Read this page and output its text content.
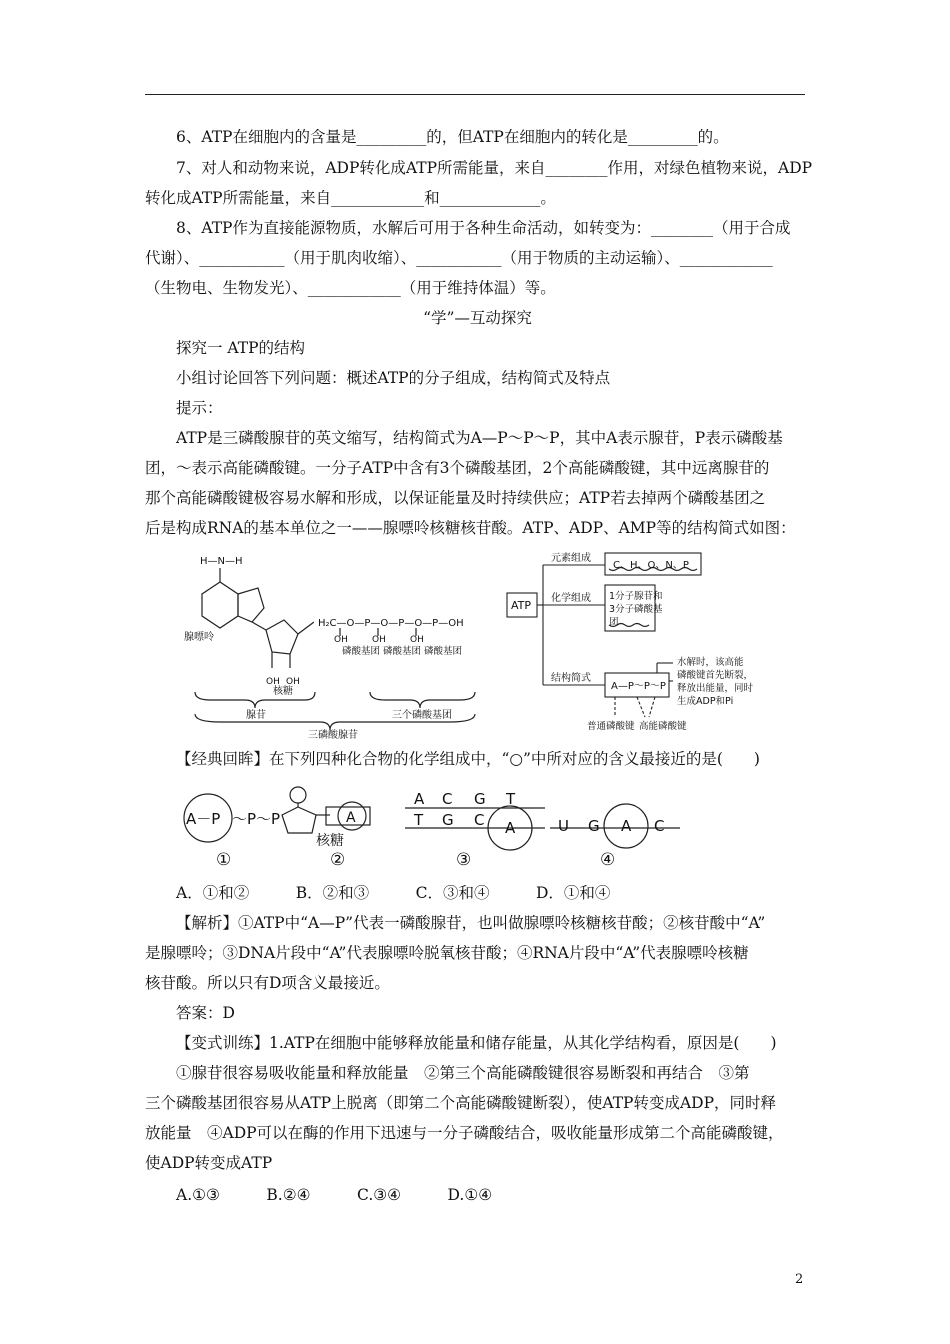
6、ATP在细胞内的含量是_________的，但ATP在细胞内的转化是_________的。
7、对人和动物来说，ADP转化成ATP所需能量，来自________作用，对绿色植物来说，ADP
转化成ATP所需能量，来自____________和_____________。
8、ATP作为直接能源物质，水解后可用于各种生命活动，如转变为：________（用于合成
代谢）、___________（用于肌肉收缩）、___________（用于物质的主动运输）、____________
（生物电、生物发光）、____________（用于维持体温）等。
“学”—互动探究
探究一 ATP的结构
小组讨论回答下列问题：概述ATP的分子组成，结构简式及特点
提示：
ATP是三磷酸腺苷的英文缩写，结构简式为A—P～P～P，其中A表示腺苷，P表示磷酸基
团，～表示高能磷酸键。一分子ATP中含有3个磷酸基团，2个高能磷酸键，其中远离腺苷的
那个高能磷酸键极容易水解和形成，以保证能量及时持续供应；ATP若去掉两个磷酸基团之
后是构成RNA的基本单位之一——腺嘌呤核糖核苷酸。ATP、ADP、AMP等的结构简式如图：
H₂C—O—P—O—P—O—P—OH
OH	OH	OH
H—N—H
腺嘌呤
OH OH
核糖
磷酸基团 磷酸基团 磷酸基团
腺苷	三个磷酸基团
三磷酸腺苷
ATP
元素组成
C、H、O、N、P
化学组成 1分子腺苷和
3分子磷酸基
团
结构简式
A—P～P～P
水解时，该高能
磷酸键首先断裂，
释放出能量，同时
生成ADP和Pi
普通磷酸键 高能磷酸键
【经典回眸】在下列四种化合物的化学组成中，“○”中所对应的含义最接近的是(　　)
A－P ～P～P
核糖
A
A C G T
T G C A	U G A C
①	②	③	④
A．①和②　　　B．②和③　　　C．③和④　　　D．①和④
【解析】①ATP中“A—P”代表一磷酸腺苷，也叫做腺嘌呤核糖核苷酸；②核苷酸中“A”
是腺嘌呤；③DNA片段中“A”代表腺嘌呤脱氧核苷酸；④RNA片段中“A”代表腺嘌呤核糖
核苷酸。所以只有D项含义最接近。
答案：D
【变式训练】1.ATP在细胞中能够释放能量和储存能量，从其化学结构看，原因是(　　)
①腺苷很容易吸收能量和释放能量　②第三个高能磷酸键很容易断裂和再结合　③第
三个磷酸基团很容易从ATP上脱离（即第二个高能磷酸键断裂），使ATP转变成ADP，同时释
放能量　④ADP可以在酶的作用下迅速与一分子磷酸结合，吸收能量形成第二个高能磷酸键，
使ADP转变成ATP
A.①③　　　B.②④　　　C.③④　　　D.①④
2
